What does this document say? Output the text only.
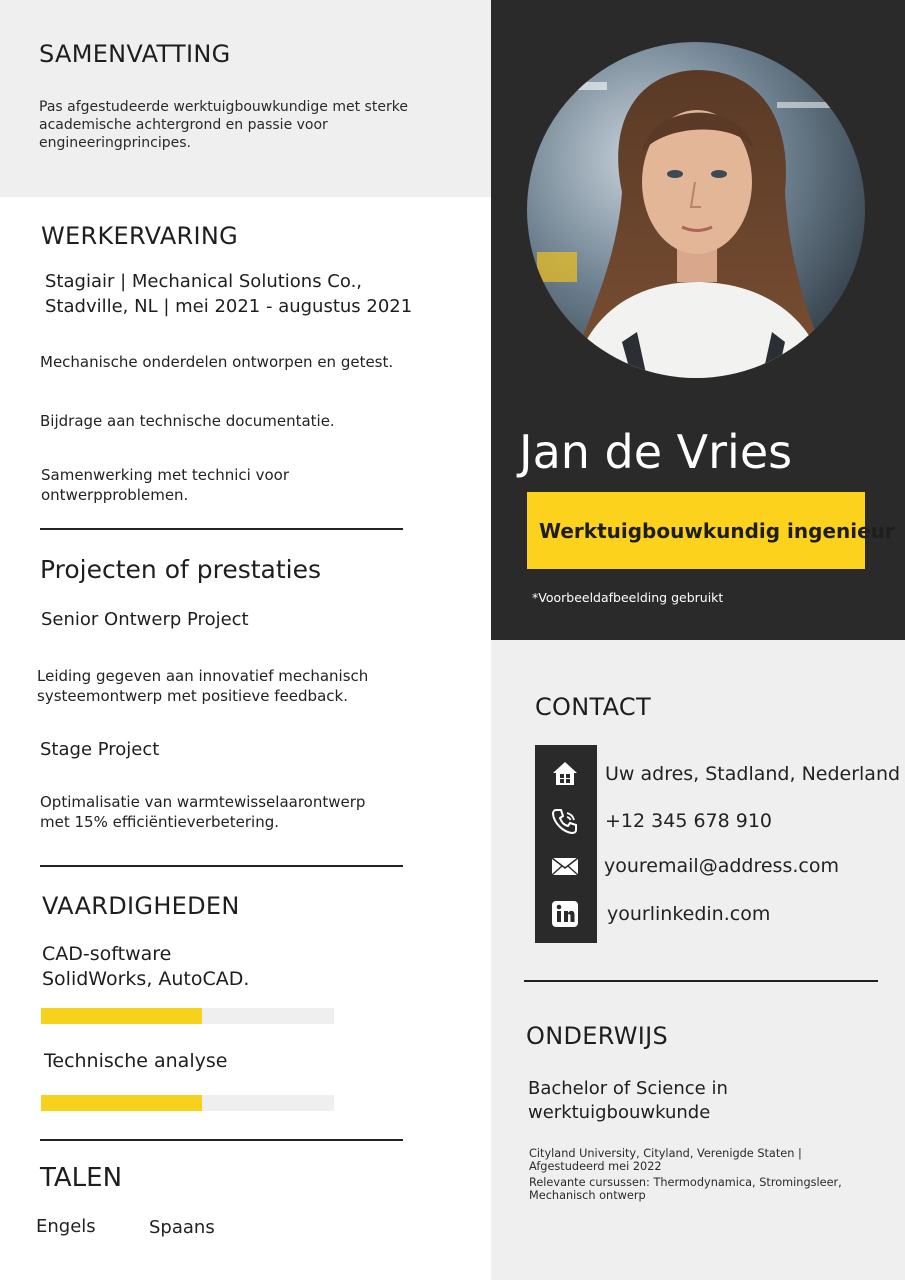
SAMENVATTING
Pas afgestudeerde werktuigbouwkundige met sterke academische achtergrond en passie voor engineeringprincipes.
WERKERVARING
Stagiair | Mechanical Solutions Co., Stadville, NL | mei 2021 - augustus 2021
Mechanische onderdelen ontworpen en getest.
Bijdrage aan technische documentatie.
Samenwerking met technici voor ontwerpproblemen.
Projecten of prestaties
Senior Ontwerp Project
Leiding gegeven aan innovatief mechanisch systeemontwerp met positieve feedback.
Stage Project
Optimalisatie van warmtewisselaarontwerp met 15% efficiëntieverbetering.
VAARDIGHEDEN
CAD-software SolidWorks, AutoCAD.
Technische analyse
TALEN
Engels	Spaans
Jan de Vries
Werktuigbouwkundig ingenieur
*Voorbeeldafbeelding gebruikt
CONTACT
Uw adres, Stadland, Nederland
+12 345 678 910
youremail@address.com
yourlinkedin.com
ONDERWIJS
Bachelor of Science in werktuigbouwkunde
Cityland University, Cityland, Verenigde Staten | Afgestudeerd mei 2022
Relevante cursussen: Thermodynamica, Stromingsleer, Mechanisch ontwerp
